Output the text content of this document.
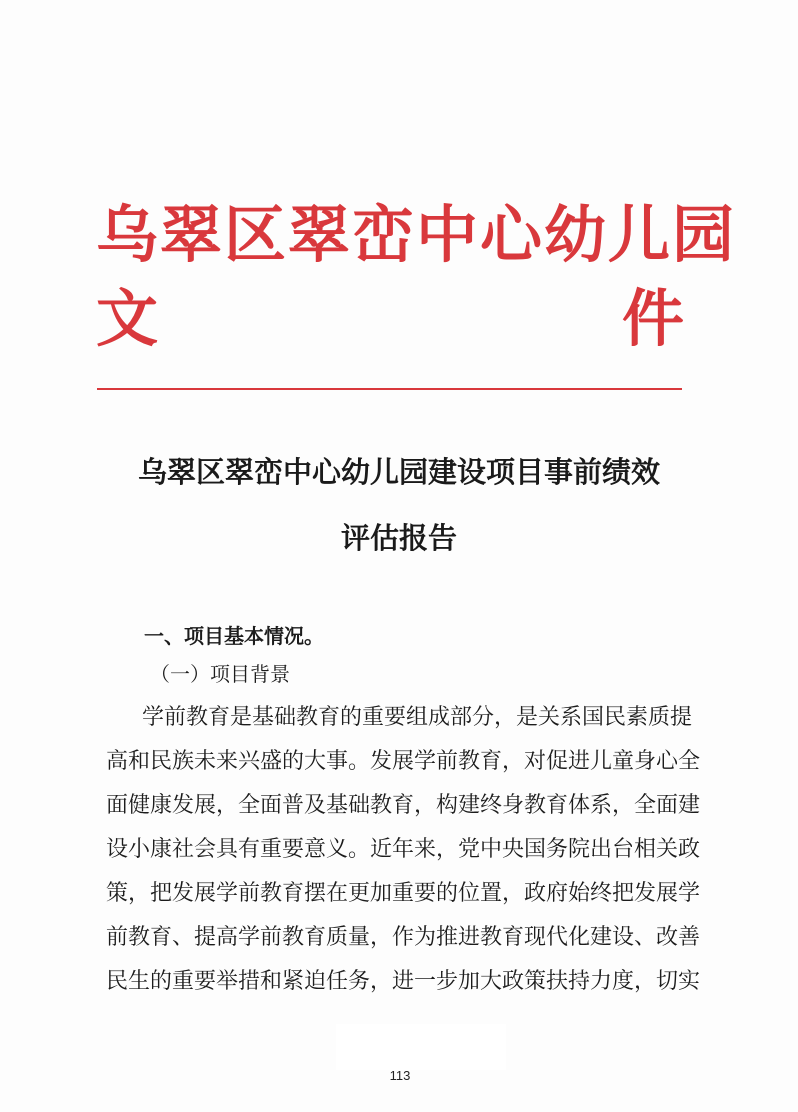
乌翠区翠峦中心幼儿园
文	件
乌翠区翠峦中心幼儿园建设项目事前绩效
评估报告
一、项目基本情况。
（一）项目背景
学前教育是基础教育的重要组成部分，是关系国民素质提
高和民族未来兴盛的大事。发展学前教育，对促进儿童身心全
面健康发展，全面普及基础教育，构建终身教育体系，全面建
设小康社会具有重要意义。近年来，党中央国务院出台相关政
策，把发展学前教育摆在更加重要的位置，政府始终把发展学
前教育、提高学前教育质量，作为推进教育现代化建设、改善
民生的重要举措和紧迫任务，进一步加大政策扶持力度，切实
113
